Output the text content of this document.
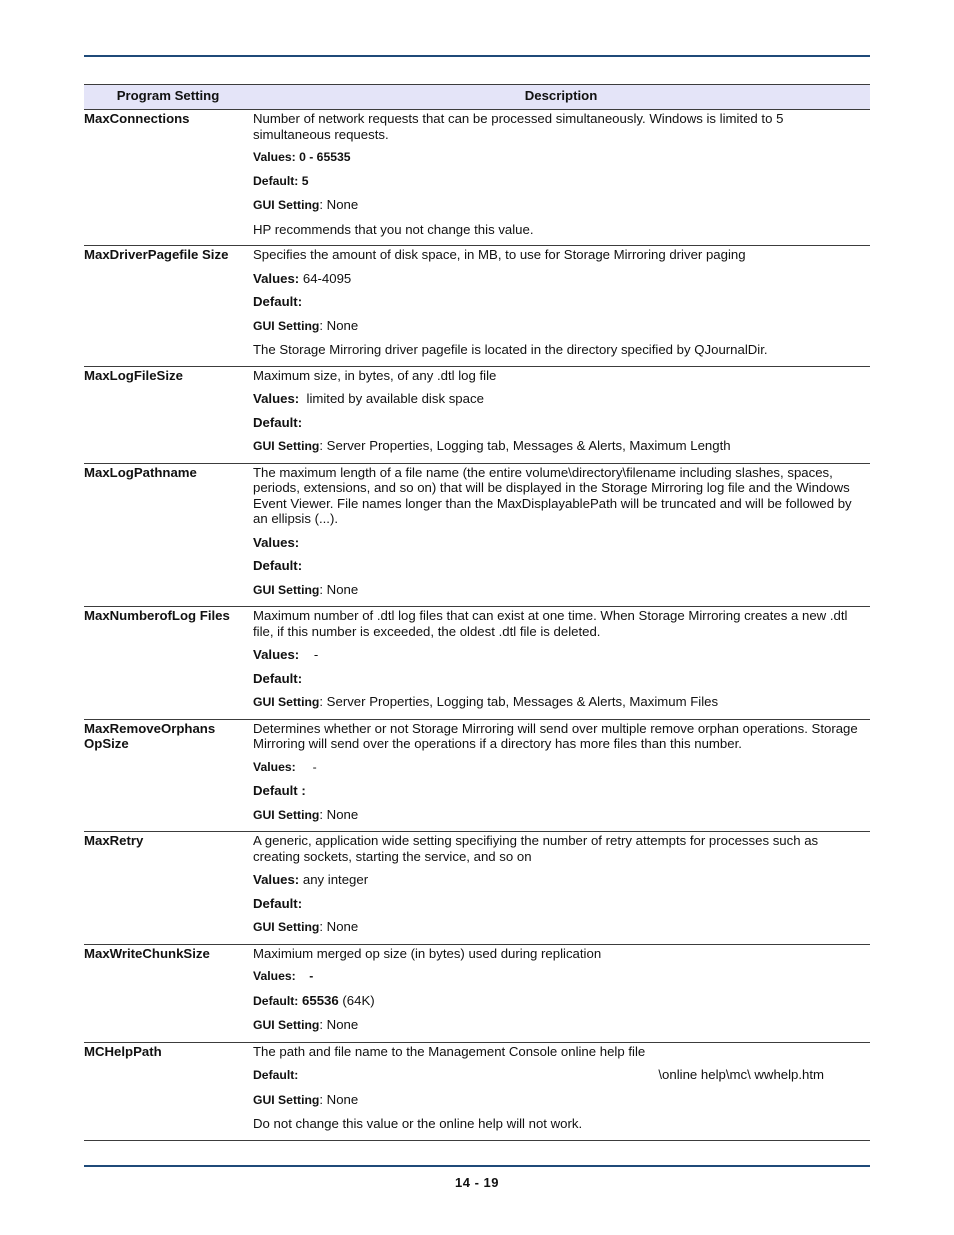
Program Setting	Description
MaxConnections	Number of network requests that can be processed simultaneously. Windows is limited to 5 simultaneous requests.
Values: 0 - 65535
Default: 5
GUI Setting: None
HP recommends that you not change this value.

MaxDriverPagefile Size	Specifies the amount of disk space, in MB, to use for Storage Mirroring driver paging
Values: 64-4095
Default:
GUI Setting: None
The Storage Mirroring driver pagefile is located in the directory specified by QJournalDir.

MaxLogFileSize	Maximum size, in bytes, of any .dtl log file
Values: limited by available disk space
Default:
GUI Setting: Server Properties, Logging tab, Messages & Alerts, Maximum Length

MaxLogPathname	The maximum length of a file name (the entire volume\directory\filename including slashes, spaces, periods, extensions, and so on) that will be displayed in the Storage Mirroring log file and the Windows Event Viewer. File names longer than the MaxDisplayablePath will be truncated and will be followed by an ellipsis (...).
Values:
Default:
GUI Setting: None

MaxNumberofLog Files	Maximum number of .dtl log files that can exist at one time. When Storage Mirroring creates a new .dtl file, if this number is exceeded, the oldest .dtl file is deleted.
Values: -
Default:
GUI Setting: Server Properties, Logging tab, Messages & Alerts, Maximum Files

MaxRemoveOrphans OpSize	Determines whether or not Storage Mirroring will send over multiple remove orphan operations. Storage Mirroring will send over the operations if a directory has more files than this number.
Values: -
Default :
GUI Setting: None

MaxRetry	A generic, application wide setting specifiying the number of retry attempts for processes such as creating sockets, starting the service, and so on
Values: any integer
Default:
GUI Setting: None

MaxWriteChunkSize	Maximium merged op size (in bytes) used during replication
Values: -
Default: 65536 (64K)
GUI Setting: None

MCHelpPath	The path and file name to the Management Console online help file
Default: \online help\mc\ wwhelp.htm
GUI Setting: None
Do not change this value or the online help will not work.
14 - 19
